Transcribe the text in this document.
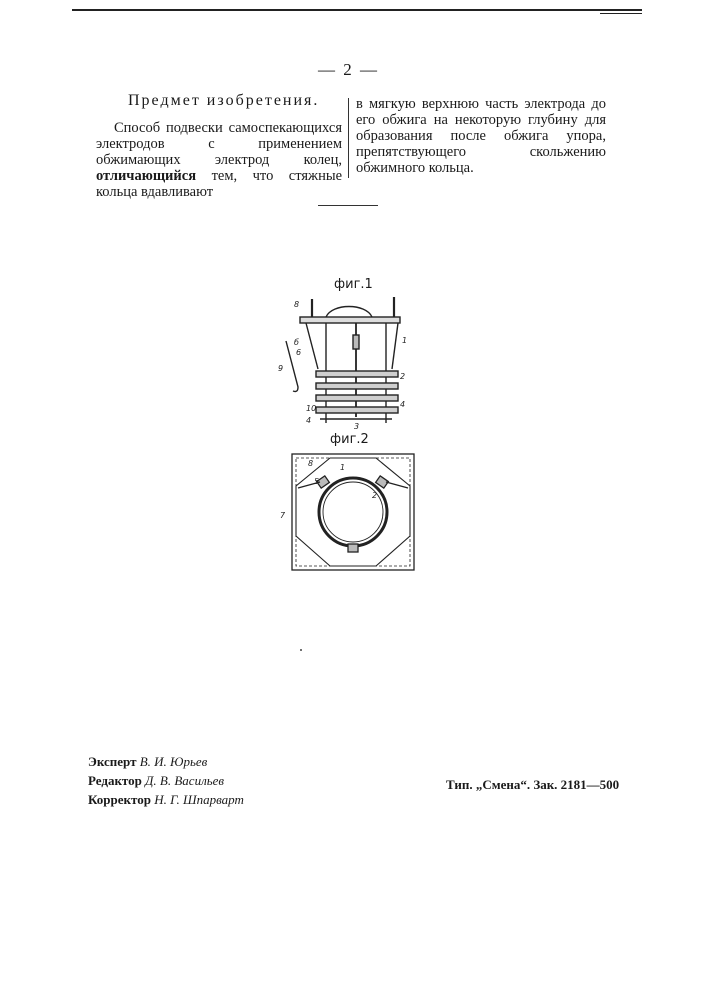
— 2 —
Предмет изобретения.
Способ подвески самоспекающихся электродов с применением обжимающих электрод колец, отличающийся тем, что стяжные кольца вдавливают
в мягкую верхнюю часть электрода до его обжига на некоторую глубину для образования после обжига упора, препятствующего скольжению обжимного кольца.
фиг.1
8
1
б
6
9
2
10	4
4
3
фиг.2
8	1
5
2
7
Эксперт В. И. Юрьев
Редактор Д. В. Васильев
Корректор Н. Г. Шпарварт
Тип. „Смена“. Зак. 2181—500
